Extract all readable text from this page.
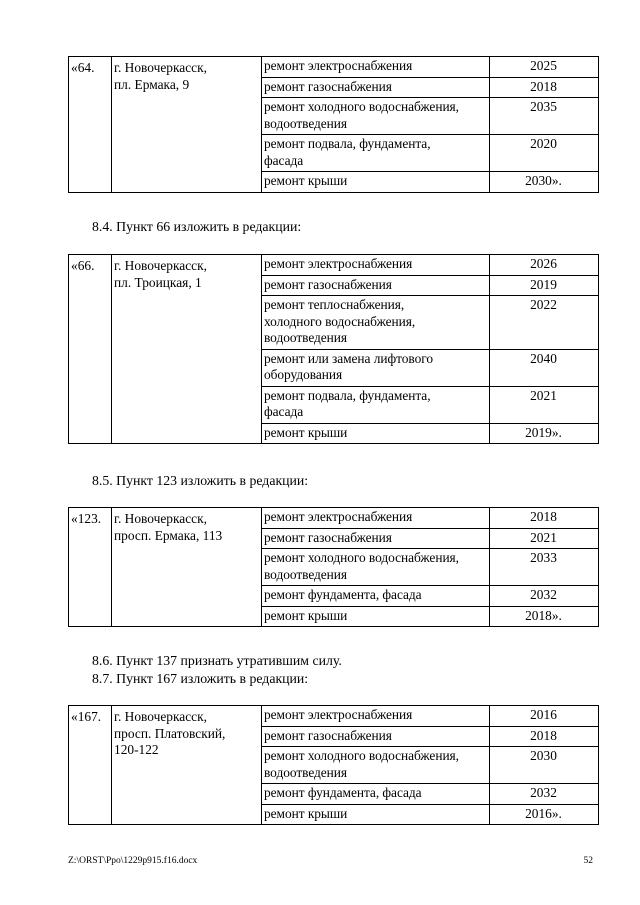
«64.	г. Новочеркасск,
пл. Ермака, 9	ремонт электроснабжения	2025

		ремонт газоснабжения	2018

		ремонт холодного водоснабжения,
водоотведения	2035

		ремонт подвала, фундамента,
фасада	2020

		ремонт крыши	2030».
8.4. Пункт 66 изложить в редакции:
«66.	г. Новочеркасск,
пл. Троицкая, 1	ремонт электроснабжения	2026

		ремонт газоснабжения	2019

		ремонт теплоснабжения,
холодного водоснабжения,
водоотведения	2022

		ремонт или замена лифтового
оборудования	2040

		ремонт подвала, фундамента,
фасада	2021

		ремонт крыши	2019».
8.5. Пункт 123 изложить в редакции:
«123.	г. Новочеркасск,
просп. Ермака, 113	ремонт электроснабжения	2018

		ремонт газоснабжения	2021

		ремонт холодного водоснабжения,
водоотведения	2033

		ремонт фундамента, фасада	2032

		ремонт крыши	2018».
8.6. Пункт 137 признать утратившим силу.
8.7. Пункт 167 изложить в редакции:
«167.	г. Новочеркасск,
просп. Платовский,
120-122	ремонт электроснабжения	2016

		ремонт газоснабжения	2018

		ремонт холодного водоснабжения,
водоотведения	2030

		ремонт фундамента, фасада	2032

		ремонт крыши	2016».
Z:\ORST\Ppo\1229p915.f16.docx	52
